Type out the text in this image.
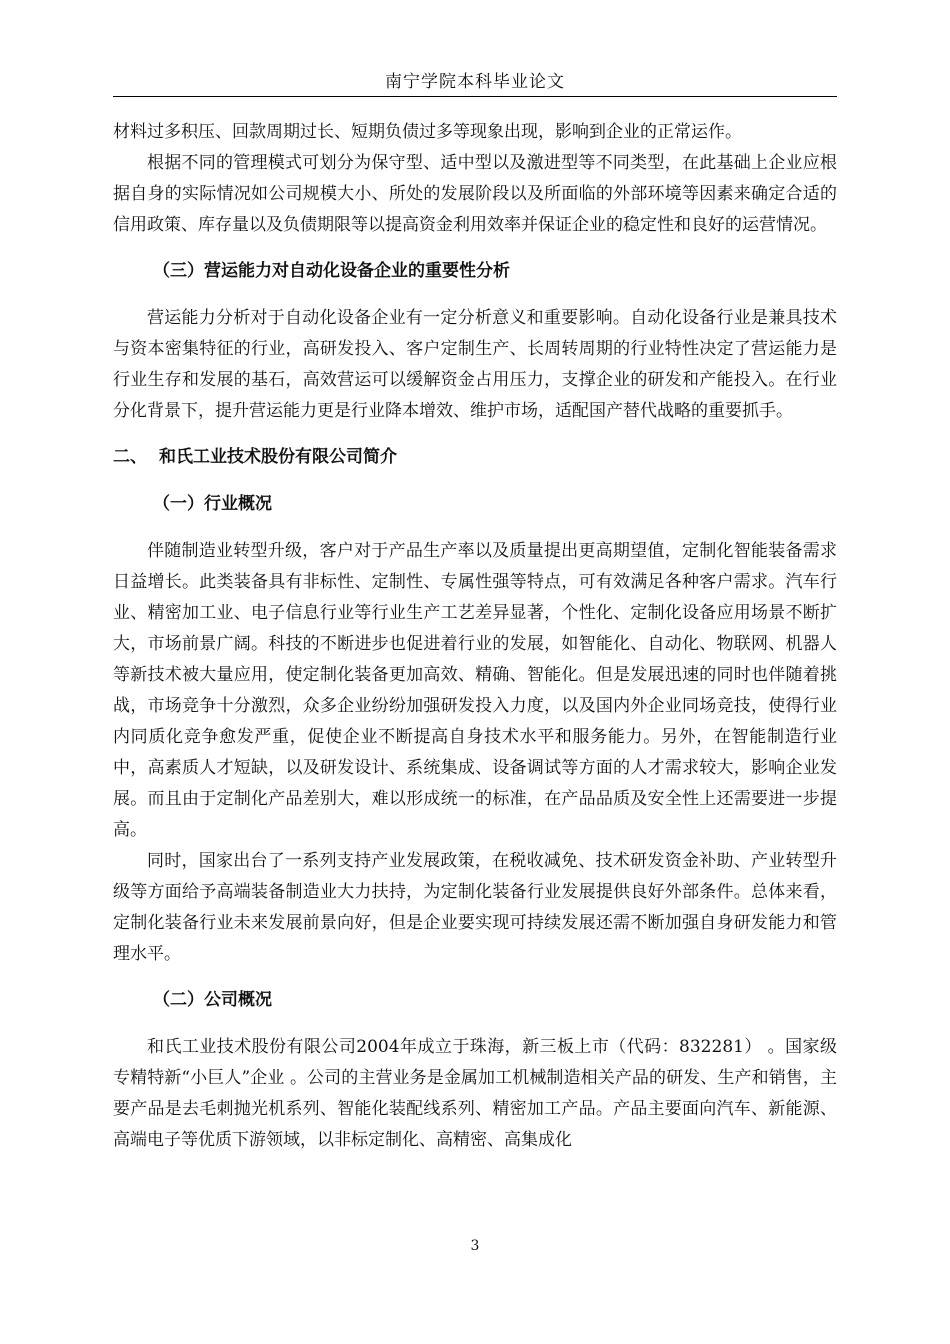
南宁学院本科毕业论文

材料过多积压、回款周期过长、短期负债过多等现象出现，影响到企业的正常运作。

根据不同的管理模式可划分为保守型、适中型以及激进型等不同类型，在此基础上企业应根据自身的实际情况如公司规模大小、所处的发展阶段以及所面临的外部环境等因素来确定合适的信用政策、库存量以及负债期限等以提高资金利用效率并保证企业的稳定性和良好的运营情况。

（三）营运能力对自动化设备企业的重要性分析

营运能力分析对于自动化设备企业有一定分析意义和重要影响。自动化设备行业是兼具技术与资本密集特征的行业，高研发投入、客户定制生产、长周转周期的行业特性决定了营运能力是行业生存和发展的基石，高效营运可以缓解资金占用压力，支撑企业的研发和产能投入。在行业分化背景下，提升营运能力更是行业降本增效、维护市场，适配国产替代战略的重要抓手。

二、 和氏工业技术股份有限公司简介
（一）行业概况

伴随制造业转型升级，客户对于产品生产率以及质量提出更高期望值，定制化智能装备需求日益增长。此类装备具有非标性、定制性、专属性强等特点，可有效满足各种客户需求。汽车行业、精密加工业、电子信息行业等行业生产工艺差异显著，个性化、定制化设备应用场景不断扩大，市场前景广阔。科技的不断进步也促进着行业的发展，如智能化、自动化、物联网、机器人等新技术被大量应用，使定制化装备更加高效、精确、智能化。但是发展迅速的同时也伴随着挑战，市场竞争十分激烈，众多企业纷纷加强研发投入力度，以及国内外企业同场竞技，使得行业内同质化竞争愈发严重，促使企业不断提高自身技术水平和服务能力。另外，在智能制造行业中，高素质人才短缺，以及研发设计、系统集成、设备调试等方面的人才需求较大，影响企业发展。而且由于定制化产品差别大，难以形成统一的标准，在产品品质及安全性上还需要进一步提高。

同时，国家出台了一系列支持产业发展政策，在税收减免、技术研发资金补助、产业转型升级等方面给予高端装备制造业大力扶持，为定制化装备行业发展提供良好外部条件。总体来看，定制化装备行业未来发展前景向好，但是企业要实现可持续发展还需不断加强自身研发能力和管理水平。

（二）公司概况

和氏工业技术股份有限公司2004年成立于珠海，新三板上市（代码：832281） 。国家级专精特新“小巨人”企业 。公司的主营业务是金属加工机械制造相关产品的研发、生产和销售，主要产品是去毛刺抛光机系列、智能化装配线系列、精密加工产品。产品主要面向汽车、新能源、高端电子等优质下游领域，以非标定制化、高精密、高集成化

3
